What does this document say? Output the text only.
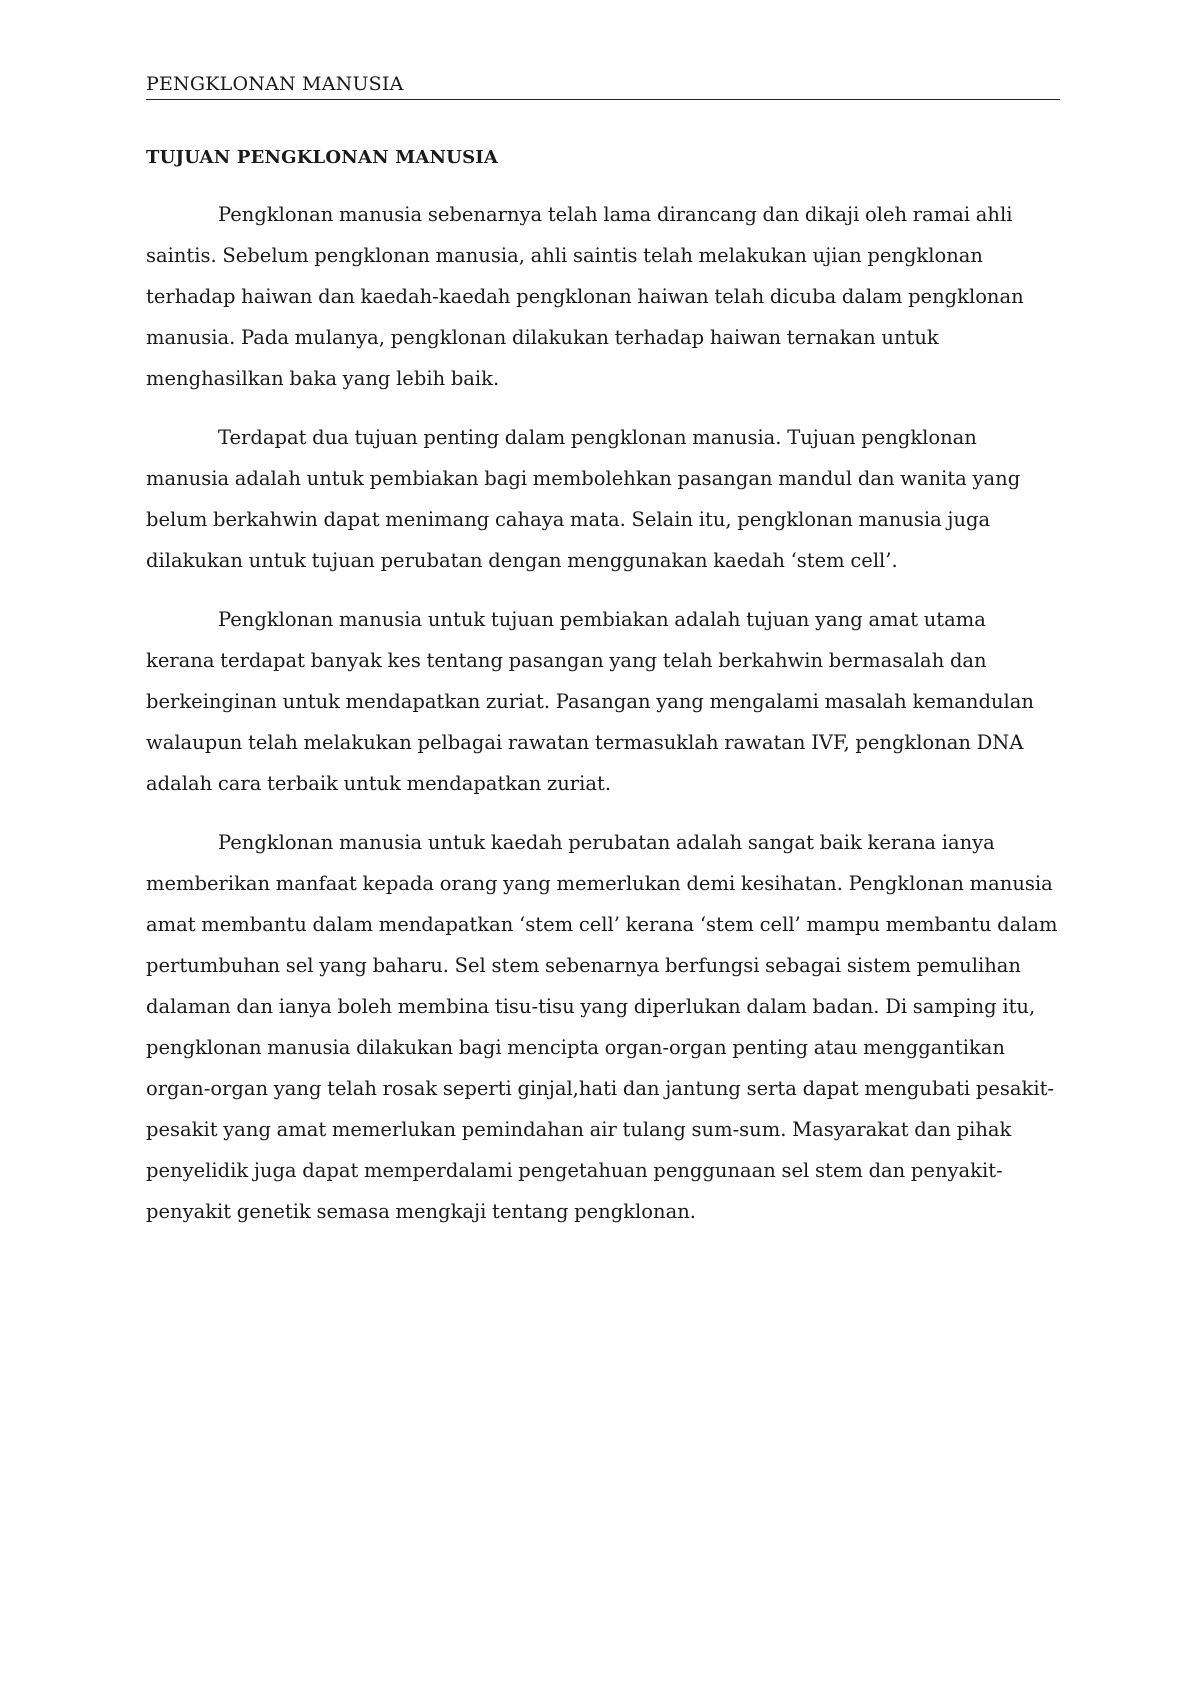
PENGKLONAN MANUSIA
TUJUAN PENGKLONAN MANUSIA

Pengklonan manusia sebenarnya telah lama dirancang dan dikaji oleh ramai ahli saintis. Sebelum pengklonan manusia, ahli saintis telah melakukan ujian pengklonan terhadap haiwan dan kaedah-kaedah pengklonan haiwan telah dicuba dalam pengklonan manusia. Pada mulanya, pengklonan dilakukan terhadap haiwan ternakan untuk menghasilkan baka yang lebih baik.

Terdapat dua tujuan penting dalam pengklonan manusia. Tujuan pengklonan manusia adalah untuk pembiakan bagi membolehkan pasangan mandul dan wanita yang belum berkahwin dapat menimang cahaya mata. Selain itu, pengklonan manusia juga dilakukan untuk tujuan perubatan dengan menggunakan kaedah ‘stem cell’.

Pengklonan manusia untuk tujuan pembiakan adalah tujuan yang amat utama kerana terdapat banyak kes tentang pasangan yang telah berkahwin bermasalah dan berkeinginan untuk mendapatkan zuriat. Pasangan yang mengalami masalah kemandulan walaupun telah melakukan pelbagai rawatan termasuklah rawatan IVF, pengklonan DNA adalah cara terbaik untuk mendapatkan zuriat.

Pengklonan manusia untuk kaedah perubatan adalah sangat baik kerana ianya memberikan manfaat kepada orang yang memerlukan demi kesihatan. Pengklonan manusia amat membantu dalam mendapatkan ‘stem cell’ kerana ‘stem cell’ mampu membantu dalam pertumbuhan sel yang baharu. Sel stem sebenarnya berfungsi sebagai sistem pemulihan dalaman dan ianya boleh membina tisu-tisu yang diperlukan dalam badan. Di samping itu, pengklonan manusia dilakukan bagi mencipta organ-organ penting atau menggantikan organ-organ yang telah rosak seperti ginjal,hati dan jantung serta dapat mengubati pesakit-pesakit yang amat memerlukan pemindahan air tulang sum-sum. Masyarakat dan pihak penyelidik juga dapat memperdalami pengetahuan penggunaan sel stem dan penyakit-penyakit genetik semasa mengkaji tentang pengklonan.
